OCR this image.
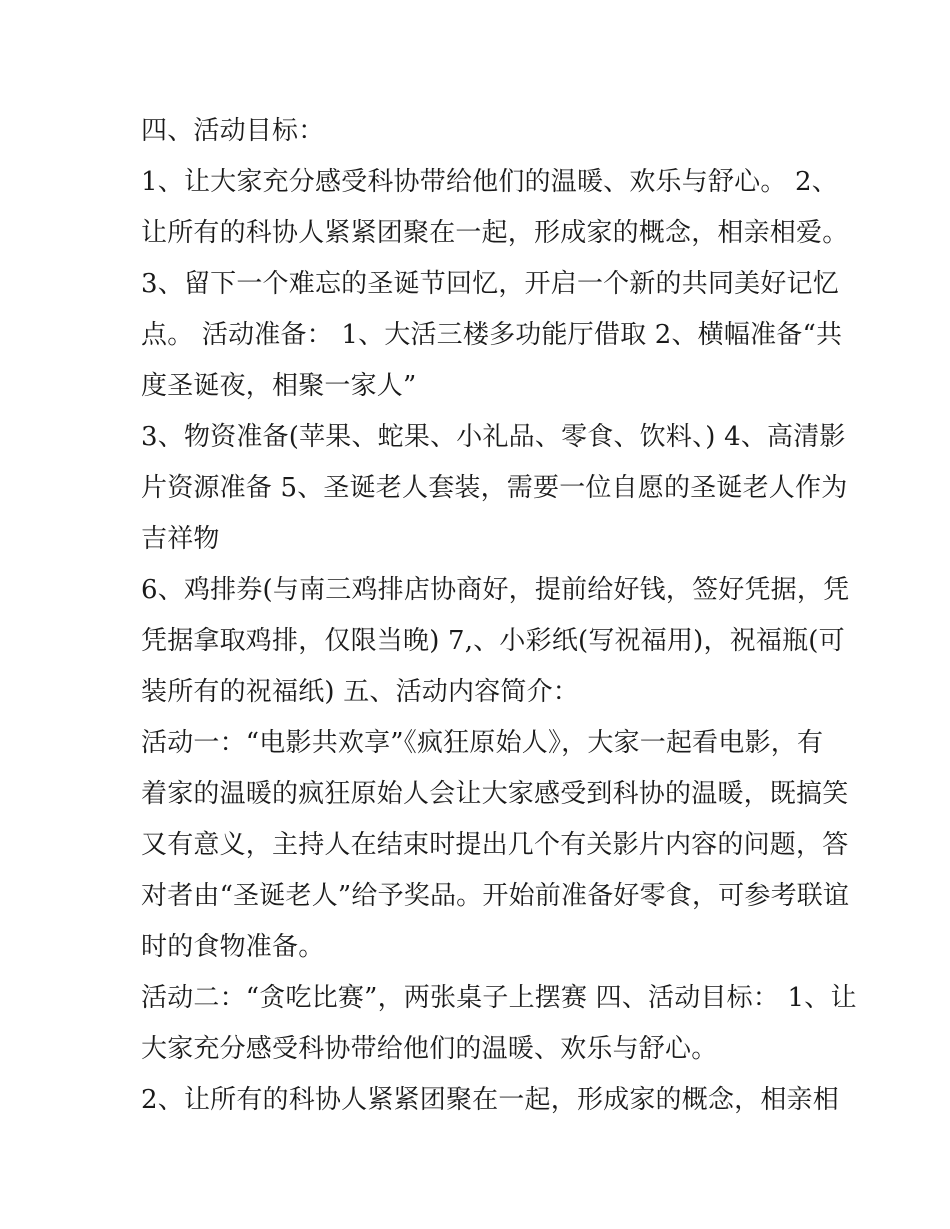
四、活动目标：
1、让大家充分感受科协带给他们的温暖、欢乐与舒心。 2、
让所有的科协人紧紧团聚在一起，形成家的概念，相亲相爱。
3、留下一个难忘的圣诞节回忆，开启一个新的共同美好记忆
点。 活动准备： 1、大活三楼多功能厅借取 2、横幅准备“共
度圣诞夜，相聚一家人”
3、物资准备(苹果、蛇果、小礼品、零食、饮料、) 4、高清影
片资源准备 5、圣诞老人套装，需要一位自愿的圣诞老人作为
吉祥物
6、鸡排券(与南三鸡排店协商好，提前给好钱，签好凭据，凭
凭据拿取鸡排，仅限当晚) 7,、小彩纸(写祝福用)，祝福瓶(可
装所有的祝福纸) 五、活动内容简介：
活动一：“电影共欢享”《疯狂原始人》，大家一起看电影，有
着家的温暖的疯狂原始人会让大家感受到科协的温暖，既搞笑
又有意义，主持人在结束时提出几个有关影片内容的问题，答
对者由“圣诞老人”给予奖品。开始前准备好零食，可参考联谊
时的食物准备。
活动二：“贪吃比赛”，两张桌子上摆赛 四、活动目标： 1、让
大家充分感受科协带给他们的温暖、欢乐与舒心。
2、让所有的科协人紧紧团聚在一起，形成家的概念，相亲相
